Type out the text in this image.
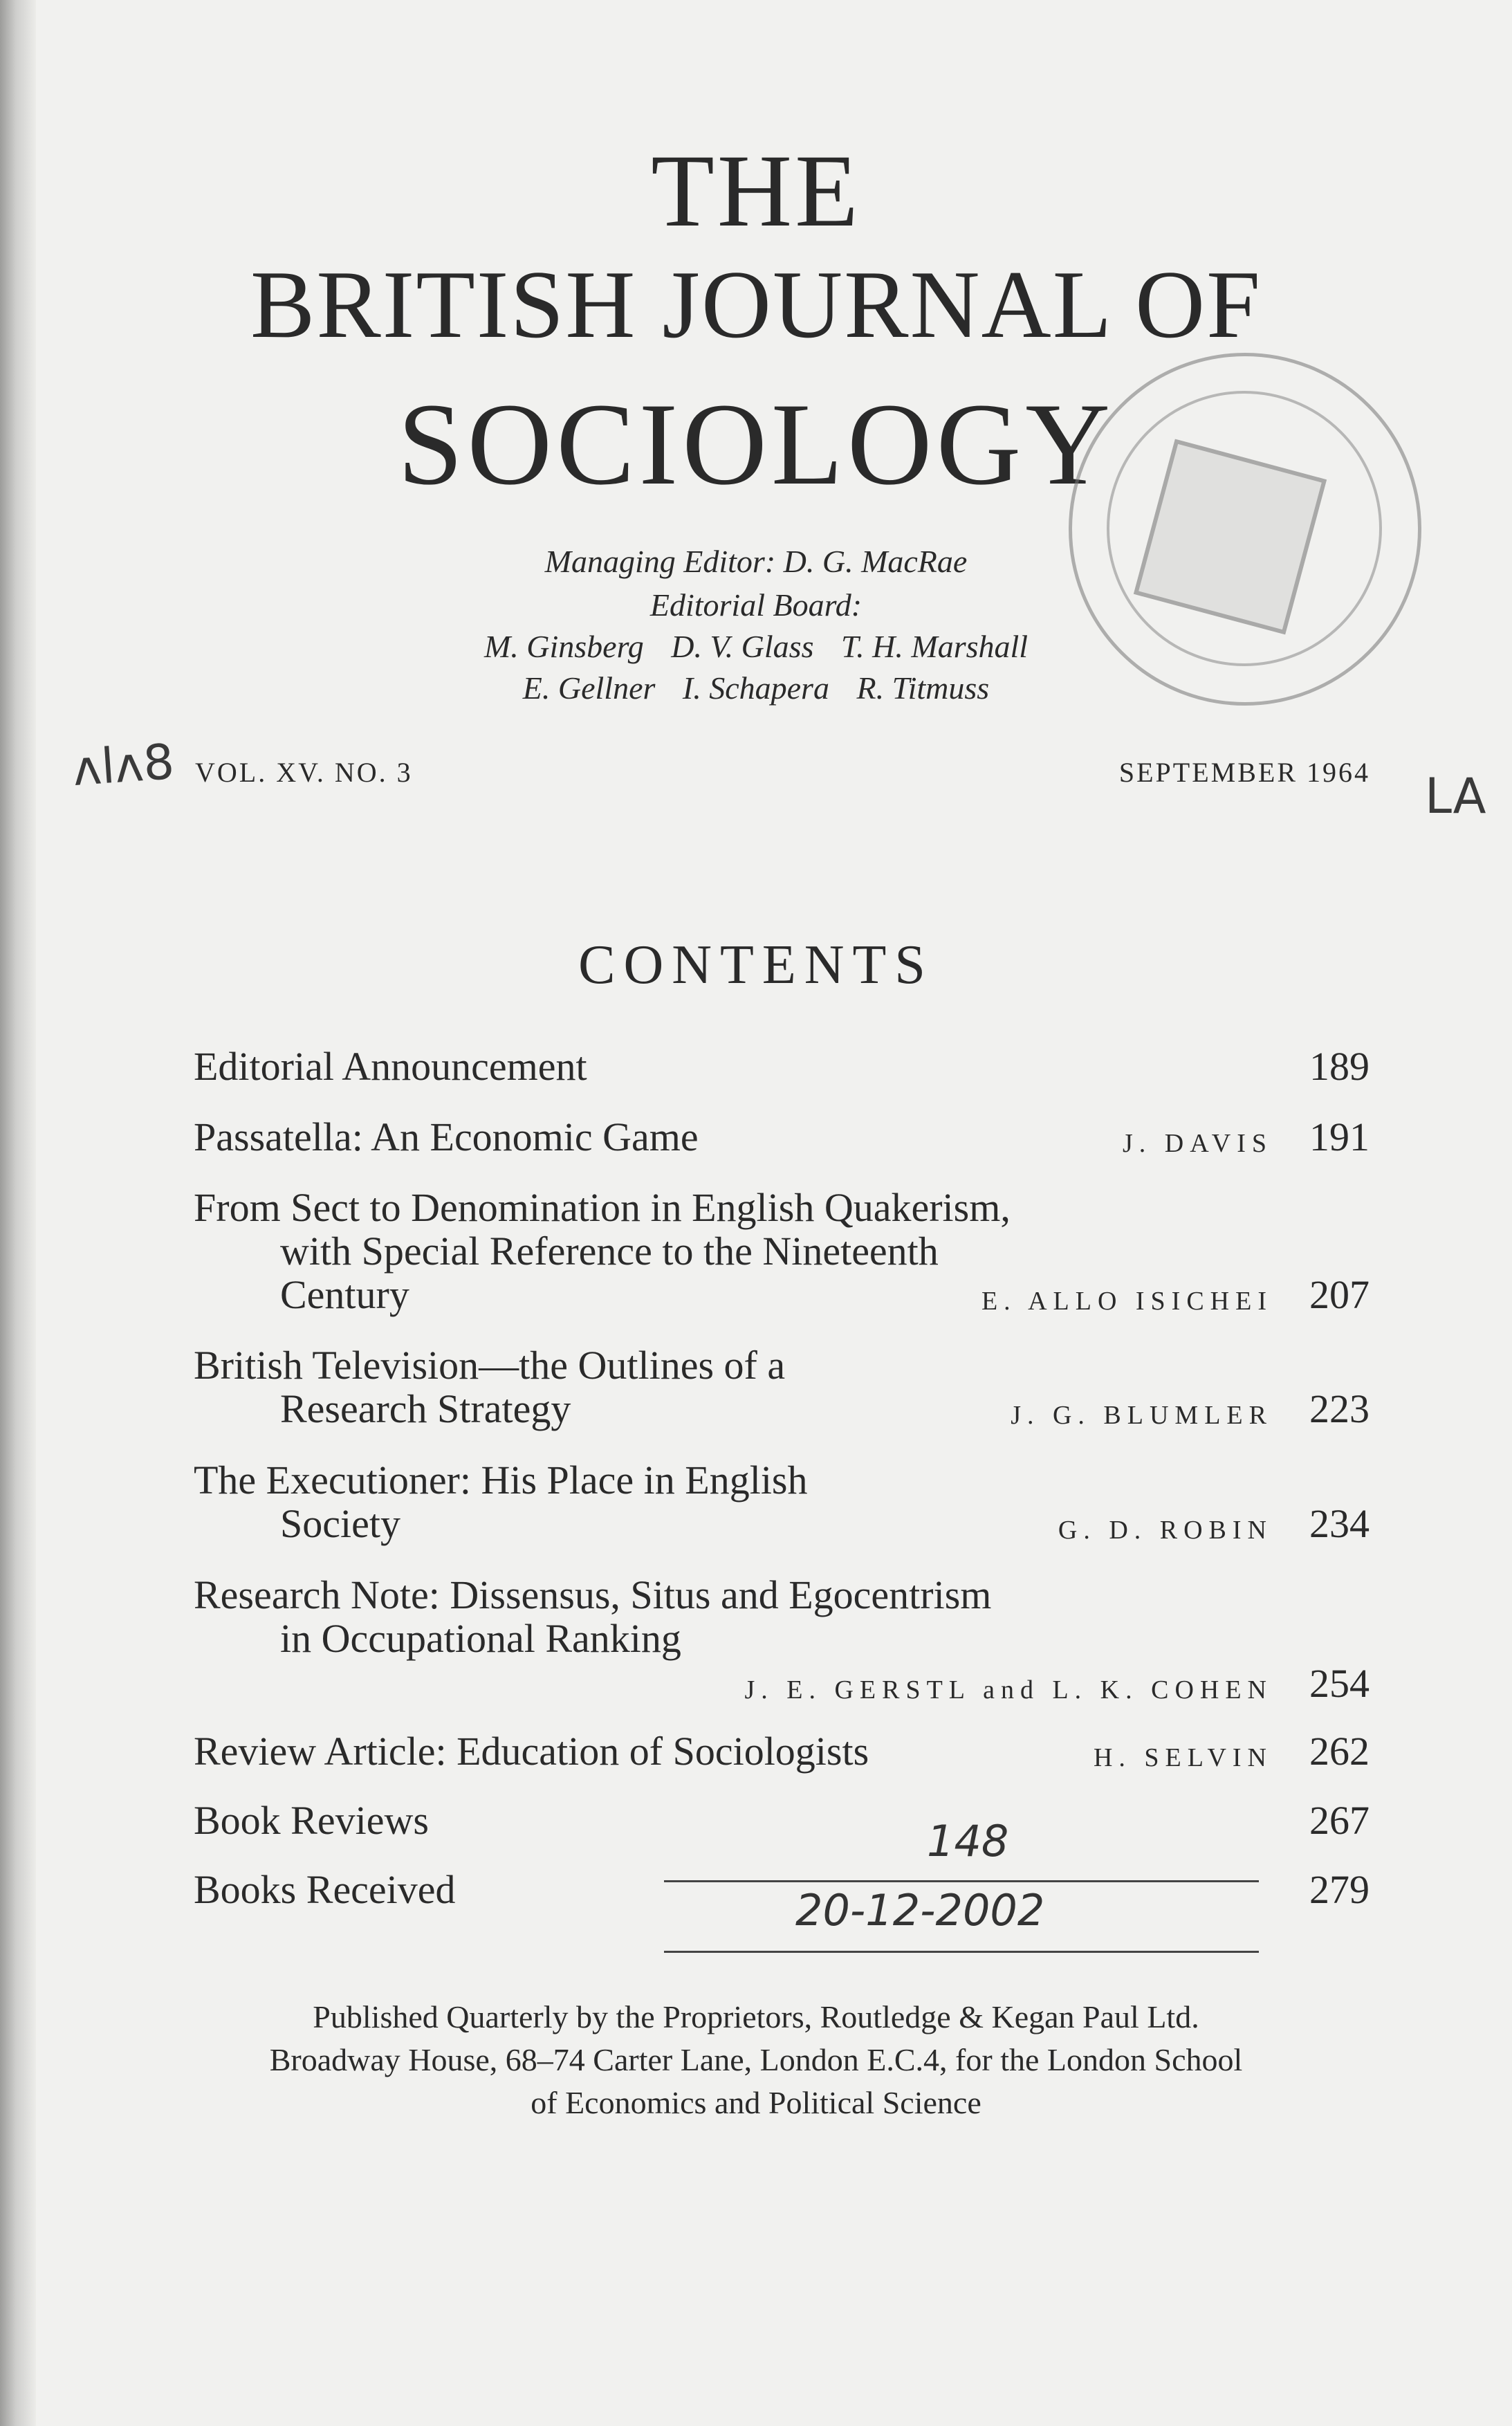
THE
BRITISH JOURNAL OF
SOCIOLOGY
Managing Editor: D. G. MacRae
Editorial Board:
M. Ginsberg D. V. Glass T. H. Marshall
E. Gellner I. Schapera R. Titmuss
ʌlʌ8 VOL. XV. NO. 3	SEPTEMBER 1964 LA
CONTENTS
Editorial Announcement	189
Passatella: An Economic Game	J. DAVIS 191
From Sect to Denomination in English Quakerism,
with Special Reference to the Nineteenth
Century	E. ALLO ISICHEI 207
British Television—the Outlines of a
Research Strategy	J. G. BLUMLER 223
The Executioner: His Place in English
Society	G. D. ROBIN 234
Research Note: Dissensus, Situs and Egocentrism
in Occupational Ranking
J. E. GERSTL and L. K. COHEN 254
Review Article: Education of Sociologists	H. SELVIN 262
Book Reviews	267
Books Received	279
148
20-12-2002
Published Quarterly by the Proprietors, Routledge & Kegan Paul Ltd.
Broadway House, 68–74 Carter Lane, London E.C.4, for the London School
of Economics and Political Science
